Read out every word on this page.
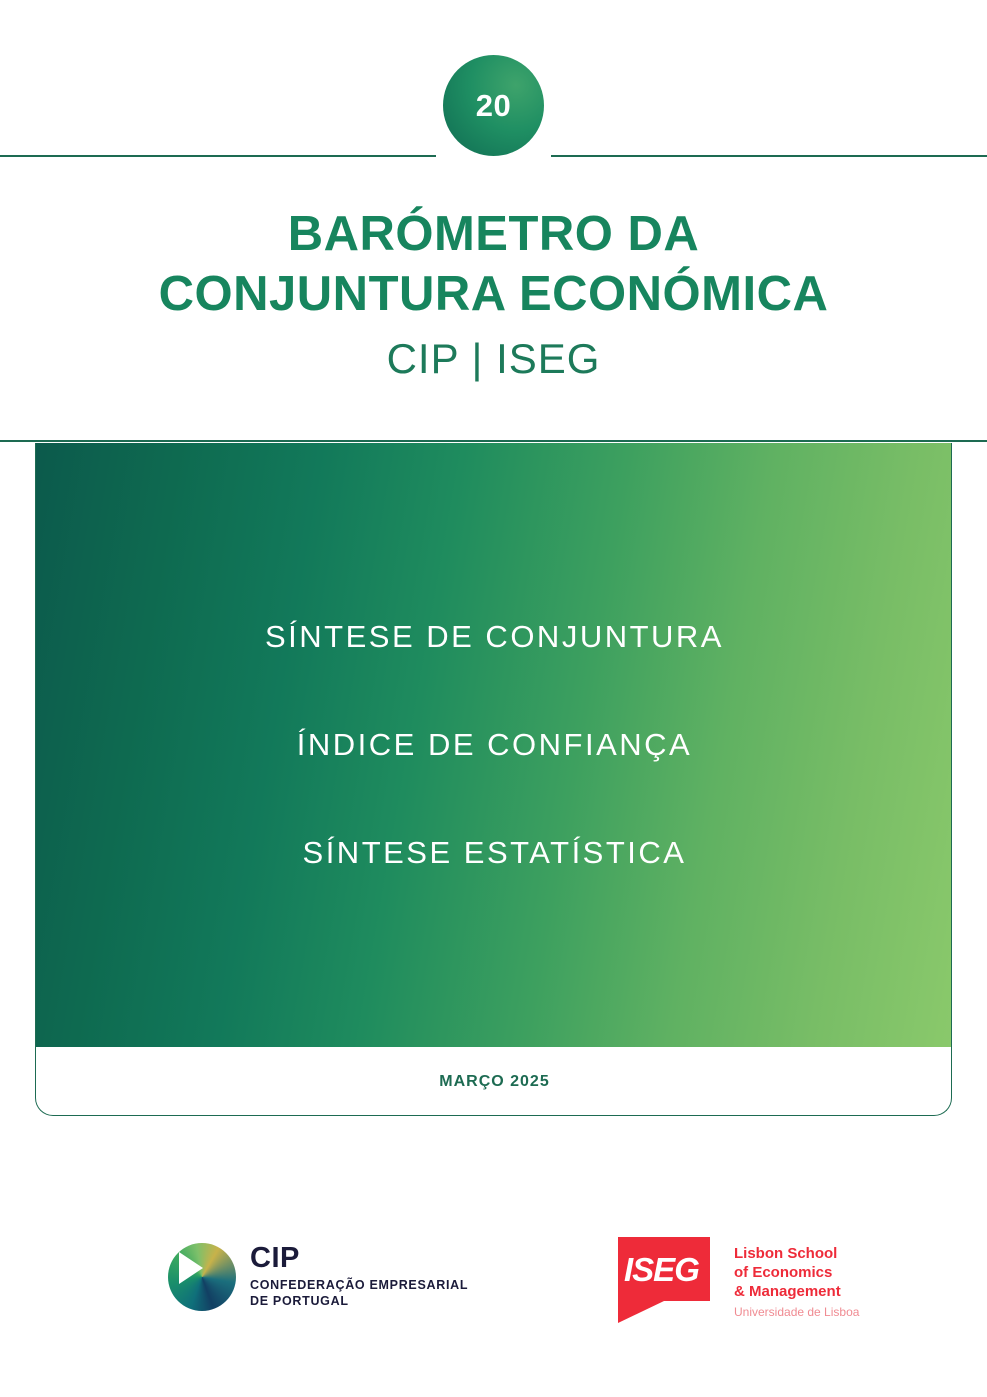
20
BARÓMETRO DA
CONJUNTURA ECONÓMICA
CIP | ISEG
SÍNTESE DE CONJUNTURA
ÍNDICE DE CONFIANÇA
SÍNTESE ESTATÍSTICA
MARÇO 2025
CIP
CONFEDERAÇÃO EMPRESARIAL
DE PORTUGAL
ISEG Lisbon School
of Economics
& Management
Universidade de Lisboa
